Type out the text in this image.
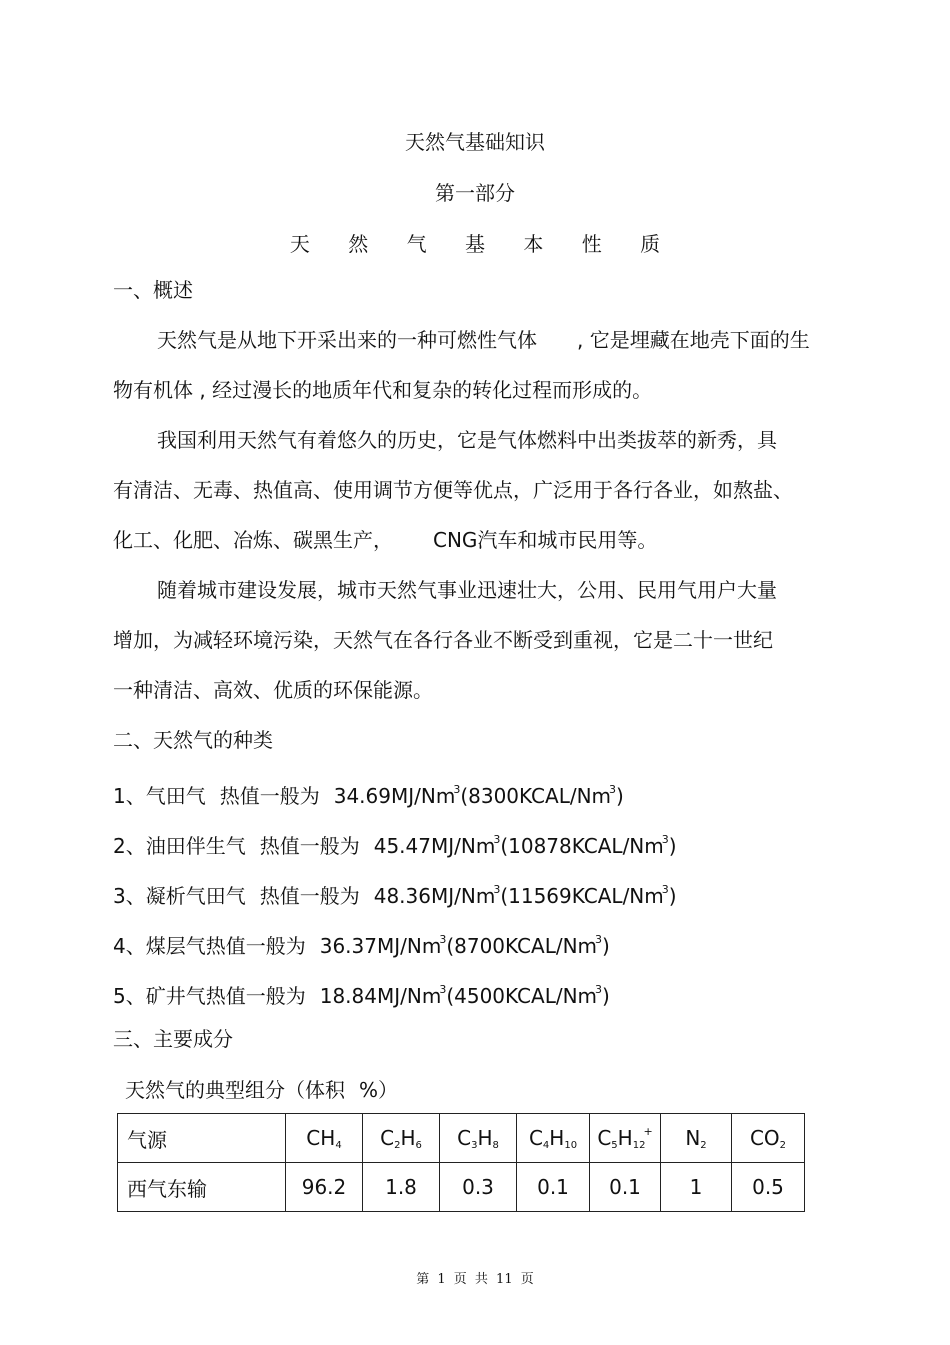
天然气基础知识
第一部分
天 然 气 基 本 性 质
一、概述
天然气是从地下开采出来的一种可燃性气体 , 它是埋藏在地壳下面的生
物有机体 , 经过漫长的地质年代和复杂的转化过程而形成的。
我国利用天然气有着悠久的历史，它是气体燃料中出类拔萃的新秀，具
有清洁、无毒、热值高、使用调节方便等优点，广泛用于各行各业，如熬盐、
化工、化肥、冶炼、碳黑生产， CNG汽车和城市民用等。
随着城市建设发展，城市天然气事业迅速壮大，公用、民用气用户大量
增加，为减轻环境污染，天然气在各行各业不断受到重视，它是二十一世纪
一种清洁、高效、优质的环保能源。
二、天然气的种类
1、气田气 热值一般为 34.69MJ/Nm$^3$(8300KCAL/Nm$^3$)
2、油田伴生气 热值一般为 45.47MJ/Nm$^3$(10878KCAL/Nm$^3$)
3、凝析气田气 热值一般为 48.36MJ/Nm$^3$(11569KCAL/Nm$^3$)
4、煤层气热值一般为 36.37MJ/Nm$^3$(8700KCAL/Nm$^3$)
5、矿井气热值一般为 18.84MJ/Nm$^3$(4500KCAL/Nm$^3$)
三、主要成分
天然气的典型组分（体积 %）
气源	$CH_4$	$C_2H_6$	$C_3H_8$	$C_4H_{10}$	$C_5H_{12}^+$	$N_2$	$CO_2$
西气东输	96.2	1.8	0.3	0.1	0.1	1	0.5
第 1 页 共 11 页
